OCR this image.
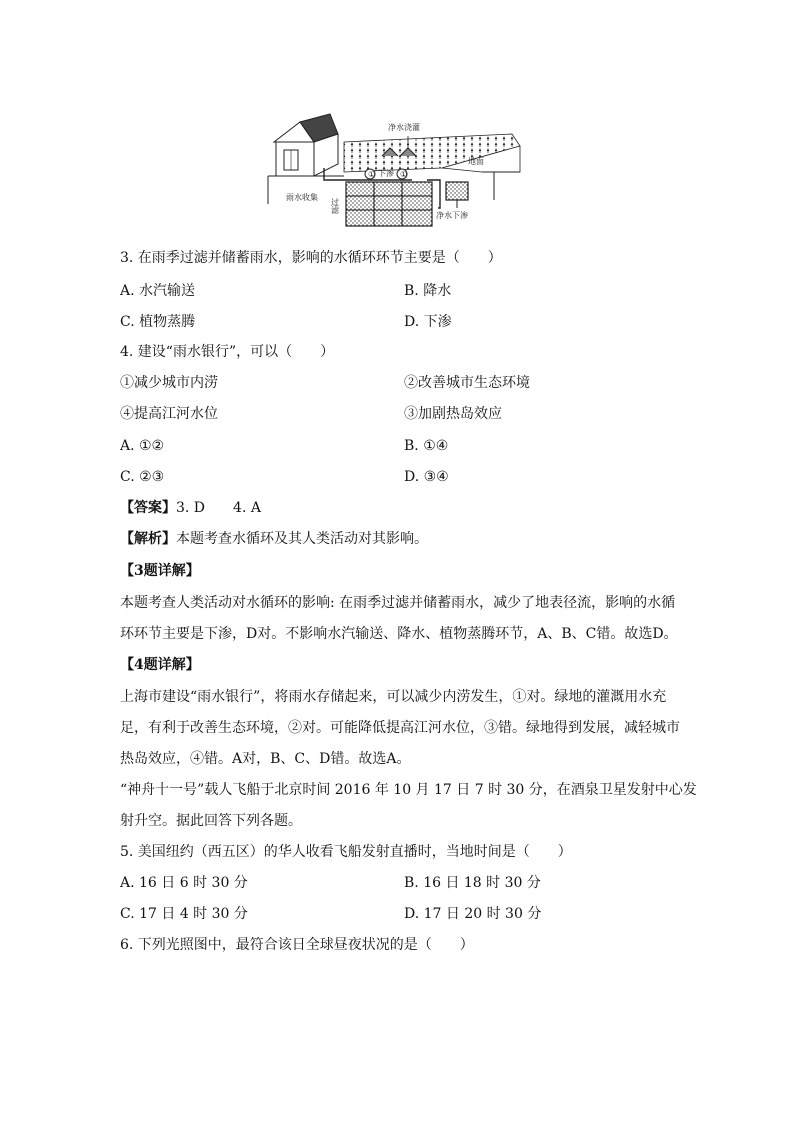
净水浇灌
地面
①	①
下渗
雨水收集
过滤
净水下渗
3. 在雨季过滤并储蓄雨水，影响的水循环环节主要是（　　）
A. 水汽输送	B. 降水
C. 植物蒸腾	D. 下渗
4. 建设“雨水银行”，可以（　　）
①减少城市内涝	②改善城市生态环境
④提高江河水位	③加剧热岛效应
A. ①②	B. ①④
C. ②③	D. ③④
【答案】3. D　　4. A
【解析】本题考查水循环及其人类活动对其影响。
【3题详解】
本题考查人类活动对水循环的影响: 在雨季过滤并储蓄雨水，减少了地表径流，影响的水循
环环节主要是下渗，D对。不影响水汽输送、降水、植物蒸腾环节，A、B、C错。故选D。
【4题详解】
上海市建设“雨水银行”，将雨水存储起来，可以减少内涝发生，①对。绿地的灌溉用水充
足，有利于改善生态环境，②对。可能降低提高江河水位，③错。绿地得到发展，减轻城市
热岛效应，④错。A对，B、C、D错。故选A。
“神舟十一号”载人飞船于北京时间 2016 年 10 月 17 日 7 时 30 分，在酒泉卫星发射中心发
射升空。据此回答下列各题。
5. 美国纽约（西五区）的华人收看飞船发射直播时，当地时间是（　　）
A. 16 日 6 时 30 分	B. 16 日 18 时 30 分
C. 17 日 4 时 30 分	D. 17 日 20 时 30 分
6. 下列光照图中，最符合该日全球昼夜状况的是（　　）
